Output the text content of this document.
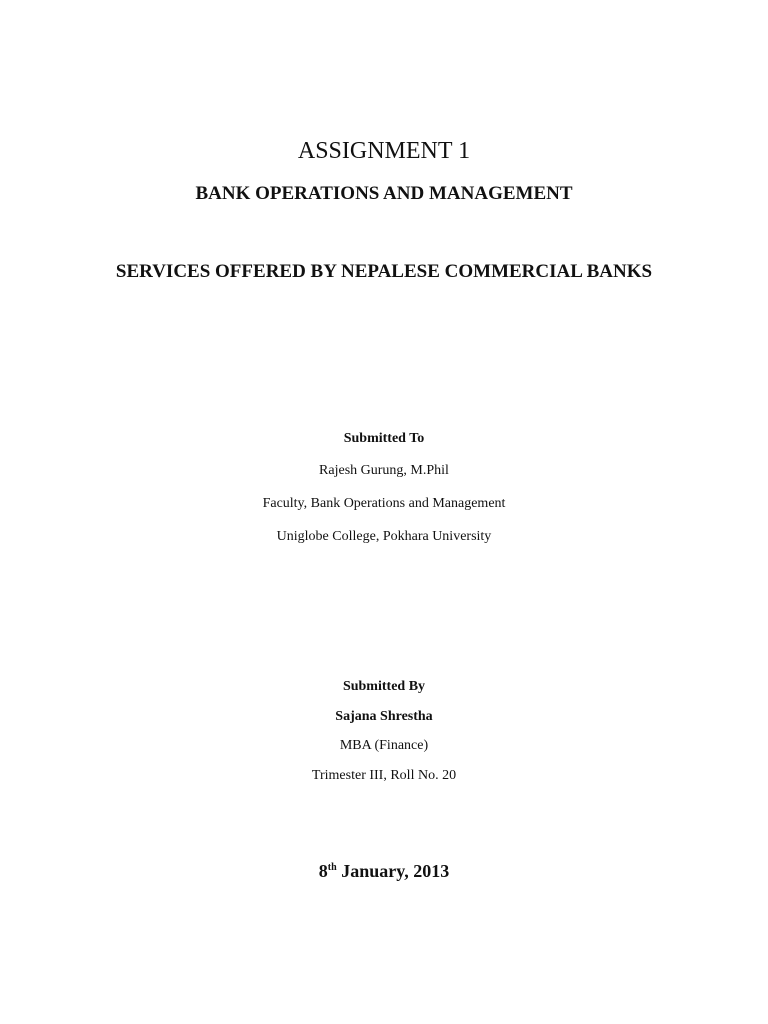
ASSIGNMENT 1
BANK OPERATIONS AND MANAGEMENT
SERVICES OFFERED BY NEPALESE COMMERCIAL BANKS
Submitted To
Rajesh Gurung, M.Phil
Faculty, Bank Operations and Management
Uniglobe College, Pokhara University
Submitted By
Sajana Shrestha
MBA (Finance)
Trimester III, Roll No. 20
8th January, 2013
